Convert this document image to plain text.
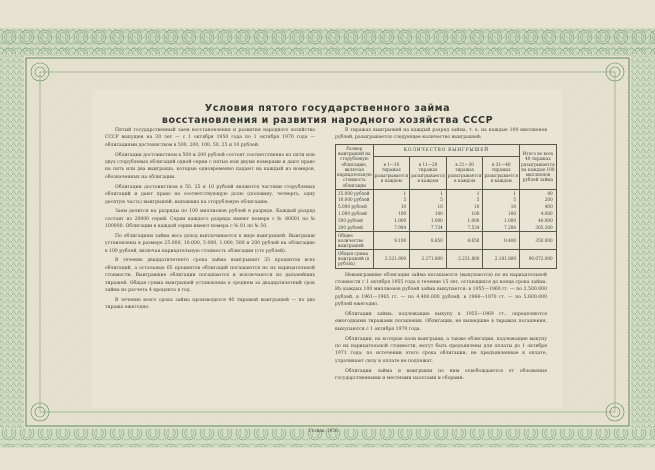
Условия пятого государственного займа
восстановления и развития народного хозяйства СССР

Пятый государственный заем восстановления и развития народного хозяйства СССР выпущен на 20 лет — с 1 октября 1950 года по 1 октября 1970 года — облигациями достоинством в 500, 200, 100, 50, 25 и 10 рублей.

Облигации достоинством в 500 и 200 рублей состоят соответственно из пяти или двух сторублевых облигаций одной серии с пятью или двумя номерами и дают право на пять или два выигрыша, которые одновременно падают на каждый из номеров, обозначенных на облигации.

Облигации достоинством в 50, 25 и 10 рублей являются частями сторублевых облигаций и дают право на соответствующую долю (половину, четверть, одну десятую часть) выигрышей, выпавших на сторублевую облигацию.

Заем делится на разряды по 100 миллионов рублей в разряде. Каждый разряд состоит из 20000 серий. Серии каждого разряда имеют номера с № 80001 по № 100000. Облигации в каждой серии имеют номера с № 01 по № 50.

По облигациям займа весь доход выплачивается в виде выигрышей. Выигрыши установлены в размере 25.000, 10.000, 5.000, 1.000, 500 и 200 рублей на облигацию в 100 рублей, включая нарицательную стоимость облигации (сто рублей).

В течение двадцатилетнего срока займа выигрывает 35 процентов всех облигаций, а остальные 65 процентов облигаций погашаются по их нарицательной стоимости. Выигравшие облигации погашаются и исключаются из дальнейших тиражей. Общая сумма выигрышей установлена в среднем за двадцатилетний срок займа из расчета 4 процента в год.

В течение всего срока займа производится 40 тиражей выигрышей — по два тиража ежегодно.

В тиражах выигрышей на каждый разряд займа, т. е. на каждые 100 миллионов рублей, разыгрывается следующее количество выигрышей:

Размер выигрышей на сторублевую облигацию, включая нарицательную стоимость облигации	КОЛИЧЕСТВО ВЫИГРЫШЕЙ				Итого во всех 40 тиражах разыгрывается на каждые 100 миллионов рублей займа
	в 1—10 тиражах разыгрывается в каждом	в 11—20 тиражах разыгрывается в каждом	в 21—30 тиражах разыгрывается в каждом	в 31—40 тиражах разыгрывается в каждом	
25.000 рублей	1	1	1	1	40
10.000 рублей	5	5	5	5	200
5.000 рублей	10	10	10	10	400
1.000 рублей	100	100	100	100	4.000
500 рублей	1.000	1.000	1.000	1.000	40.000
200 рублей	7.984	7.734	7.534	7.284	305.360
Общее количество выигрышей	9.100	8.850	8.650	8.400	350.000
Общая сумма выигрышей (в рублях)	2.321.800	2.271.800	2.231.800	2.181.800	90.072.000

Невыигравшие облигации займа погашаются (выкупаются) по их нарицательной стоимости с 1 октября 1955 года в течение 15 лет, остающихся до конца срока займа. Из каждых 100 миллионов рублей займа выкупается: в 1955—1960 гг. — по 2.500.000 рублей, в 1961—1965 гг. — по 4.400.000 рублей, в 1966—1970 гг. — по 5.600.000 рублей ежегодно.

Облигации займа, подлежащие выкупу в 1955—1969 гг., определяются ежегодными тиражами погашения. Облигации, не вышедшие в тиражах погашения, выкупаются с 1 октября 1970 года.

Облигации, на которые пали выигрыши, а также облигации, подлежащие выкупу по их нарицательной стоимости, могут быть предъявлены для оплаты до 1 октября 1971 года; по истечении этого срока облигации, не предъявленные к оплате, утрачивают силу и оплате не подлежат.

Облигации займа и выигрыши по ним освобождаются от обложения государственными и местными налогами и сборами.

Гознак. 1950.
